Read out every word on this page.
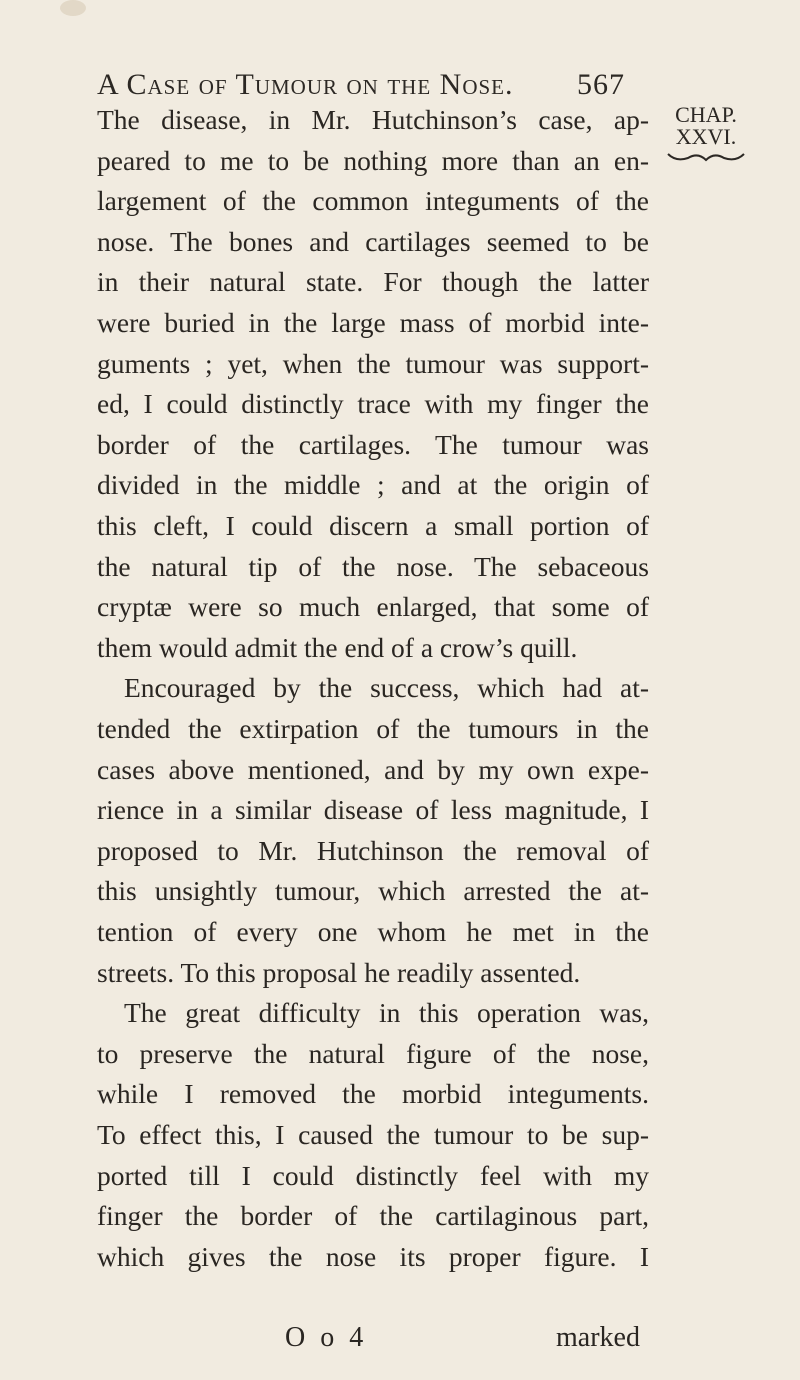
A Case of Tumour on the Nose. 567
CHAP.
XXVI.
The disease, in Mr. Hutchinson’s case, ap-
peared to me to be nothing more than an en-
largement of the common integuments of the
nose. The bones and cartilages seemed to be
in their natural state. For though the latter
were buried in the large mass of morbid inte-
guments ; yet, when the tumour was support-
ed, I could distinctly trace with my finger the
border of the cartilages. The tumour was
divided in the middle ; and at the origin of
this cleft, I could discern a small portion of
the natural tip of the nose. The sebaceous
cryptæ were so much enlarged, that some of
them would admit the end of a crow’s quill.
Encouraged by the success, which had at-
tended the extirpation of the tumours in the
cases above mentioned, and by my own expe-
rience in a similar disease of less magnitude, I
proposed to Mr. Hutchinson the removal of
this unsightly tumour, which arrested the at-
tention of every one whom he met in the
streets. To this proposal he readily assented.
The great difficulty in this operation was,
to preserve the natural figure of the nose,
while I removed the morbid integuments.
To effect this, I caused the tumour to be sup-
ported till I could distinctly feel with my
finger the border of the cartilaginous part,
which gives the nose its proper figure. I
O o 4	marked
